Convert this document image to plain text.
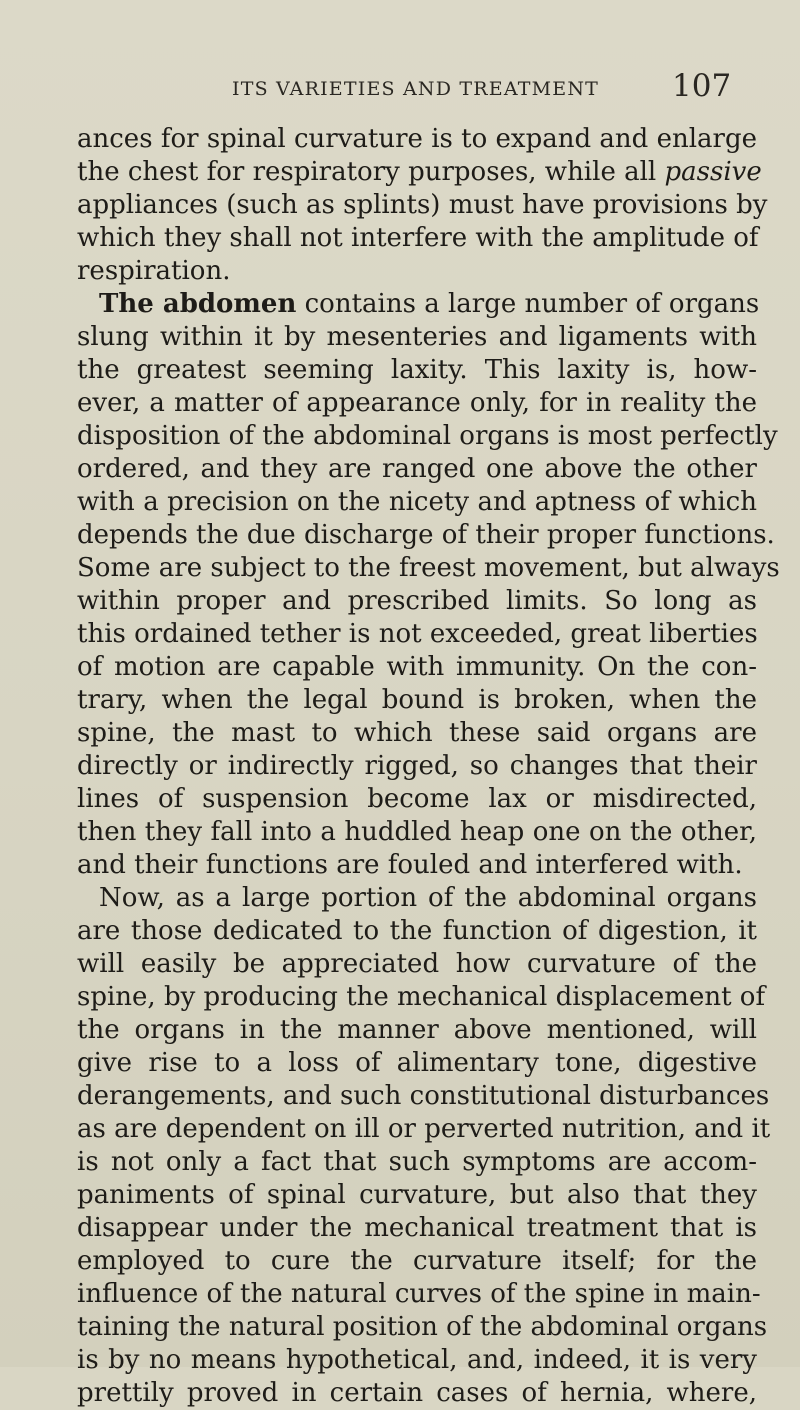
ITS VARIETIES AND TREATMENT 107
ances for spinal curvature is to expand and enlarge
the chest for respiratory purposes, while all passive
appliances (such as splints) must have provisions by
which they shall not interfere with the amplitude of
respiration.
The abdomen contains a large number of organs
slung within it by mesenteries and ligaments with
the greatest seeming laxity. This laxity is, how-
ever, a matter of appearance only, for in reality the
disposition of the abdominal organs is most perfectly
ordered, and they are ranged one above the other
with a precision on the nicety and aptness of which
depends the due discharge of their proper functions.
Some are subject to the freest movement, but always
within proper and prescribed limits. So long as
this ordained tether is not exceeded, great liberties
of motion are capable with immunity. On the con-
trary, when the legal bound is broken, when the
spine, the mast to which these said organs are
directly or indirectly rigged, so changes that their
lines of suspension become lax or misdirected,
then they fall into a huddled heap one on the other,
and their functions are fouled and interfered with.
Now, as a large portion of the abdominal organs
are those dedicated to the function of digestion, it
will easily be appreciated how curvature of the
spine, by producing the mechanical displacement of
the organs in the manner above mentioned, will
give rise to a loss of alimentary tone, digestive
derangements, and such constitutional disturbances
as are dependent on ill or perverted nutrition, and it
is not only a fact that such symptoms are accom-
paniments of spinal curvature, but also that they
disappear under the mechanical treatment that is
employed to cure the curvature itself; for the
influence of the natural curves of the spine in main-
taining the natural position of the abdominal organs
is by no means hypothetical, and, indeed, it is very
prettily proved in certain cases of hernia, where,
